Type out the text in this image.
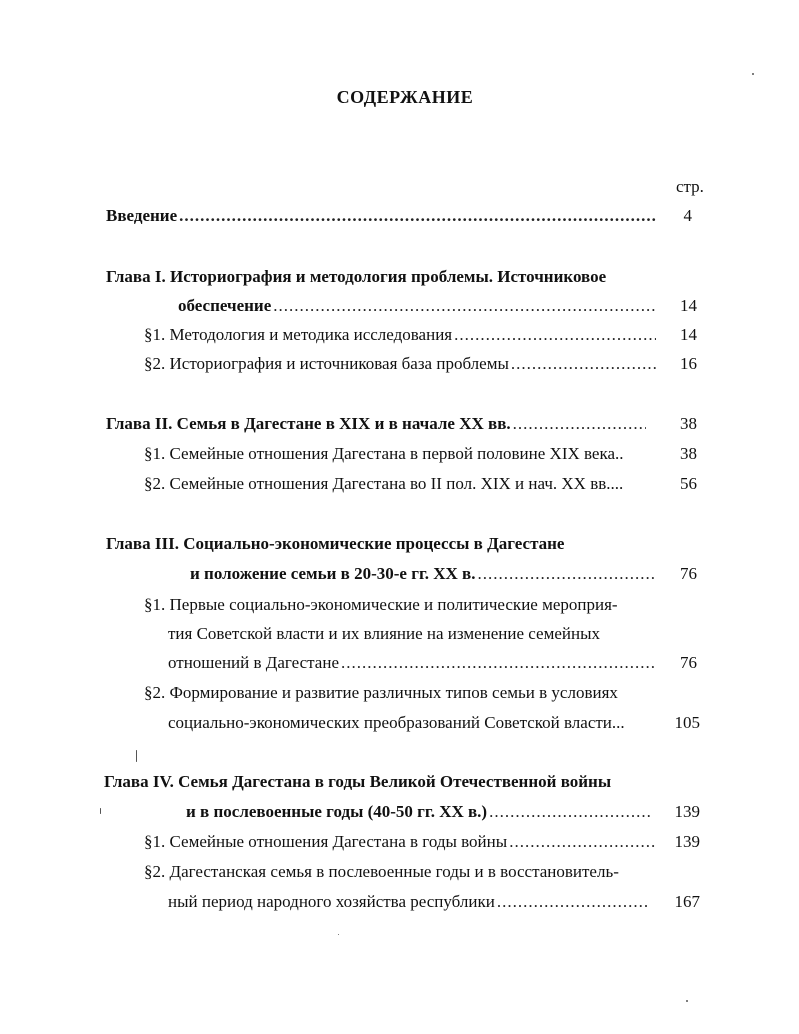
СОДЕРЖАНИЕ
стр.
Введение .....	4
Глава I. Историография и методология проблемы. Источниковое
обеспечение .....	14
§1. Методология и методика исследования .....	14
§2. Историография и источниковая база проблемы .....	16
Глава II. Семья в Дагестане в XIX и в начале XX вв. .....	38
§1. Семейные отношения Дагестана в первой половине XIX века..	38
§2. Семейные отношения Дагестана во II пол. XIX и нач. XX вв....	56
Глава III. Социально-экономические процессы в Дагестане
и положение семьи в 20-30-е гг. XX в. .....	76
§1. Первые социально-экономические и политические мероприя-
тия Советской власти и их влияние на изменение семейных
отношений в Дагестане .....	76
§2. Формирование и развитие различных типов семьи в условиях
социально-экономических преобразований Советской власти...	105
Глава IV. Семья Дагестана в годы Великой Отечественной войны
и в послевоенные годы (40-50 гг. XX в.) .....	139
§1. Семейные отношения Дагестана в годы войны .....	139
§2. Дагестанская семья в послевоенные годы и в восстановитель-
ный период народного хозяйства республики .....	167
